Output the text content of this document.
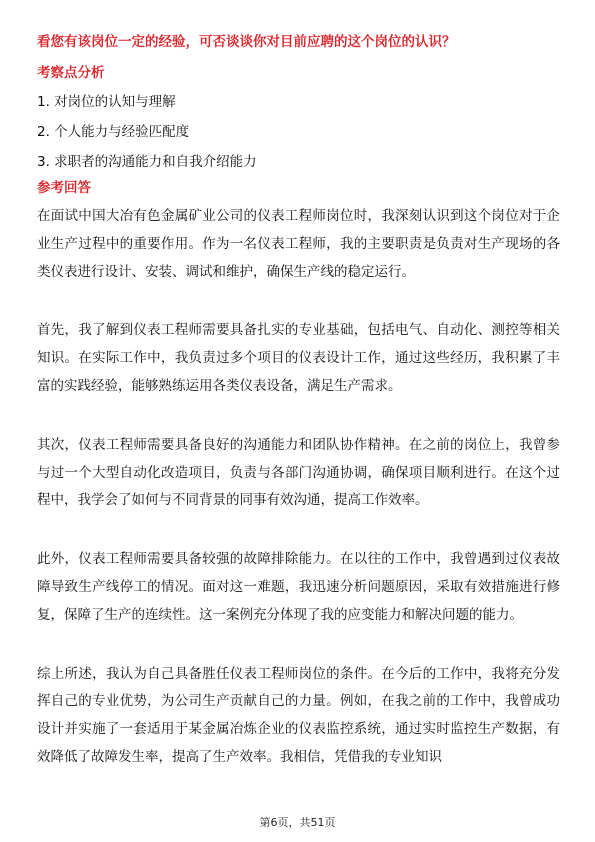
看您有该岗位一定的经验，可否谈谈你对目前应聘的这个岗位的认识？
考察点分析
1. 对岗位的认知与理解
2. 个人能力与经验匹配度
3. 求职者的沟通能力和自我介绍能力
参考回答

在面试中国大冶有色金属矿业公司的仪表工程师岗位时，我深刻认识到这个岗位对于企业生产过程中的重要作用。作为一名仪表工程师，我的主要职责是负责对生产现场的各类仪表进行设计、安装、调试和维护，确保生产线的稳定运行。

首先，我了解到仪表工程师需要具备扎实的专业基础，包括电气、自动化、测控等相关知识。在实际工作中，我负责过多个项目的仪表设计工作，通过这些经历，我积累了丰富的实践经验，能够熟练运用各类仪表设备，满足生产需求。

其次，仪表工程师需要具备良好的沟通能力和团队协作精神。在之前的岗位上，我曾参与过一个大型自动化改造项目，负责与各部门沟通协调，确保项目顺利进行。在这个过程中，我学会了如何与不同背景的同事有效沟通，提高工作效率。

此外，仪表工程师需要具备较强的故障排除能力。在以往的工作中，我曾遇到过仪表故障导致生产线停工的情况。面对这一难题，我迅速分析问题原因，采取有效措施进行修复，保障了生产的连续性。这一案例充分体现了我的应变能力和解决问题的能力。

综上所述，我认为自己具备胜任仪表工程师岗位的条件。在今后的工作中，我将充分发挥自己的专业优势，为公司生产贡献自己的力量。例如，在我之前的工作中，我曾成功设计并实施了一套适用于某金属冶炼企业的仪表监控系统，通过实时监控生产数据，有效降低了故障发生率，提高了生产效率。我相信，凭借我的专业知识

第6页，共51页
